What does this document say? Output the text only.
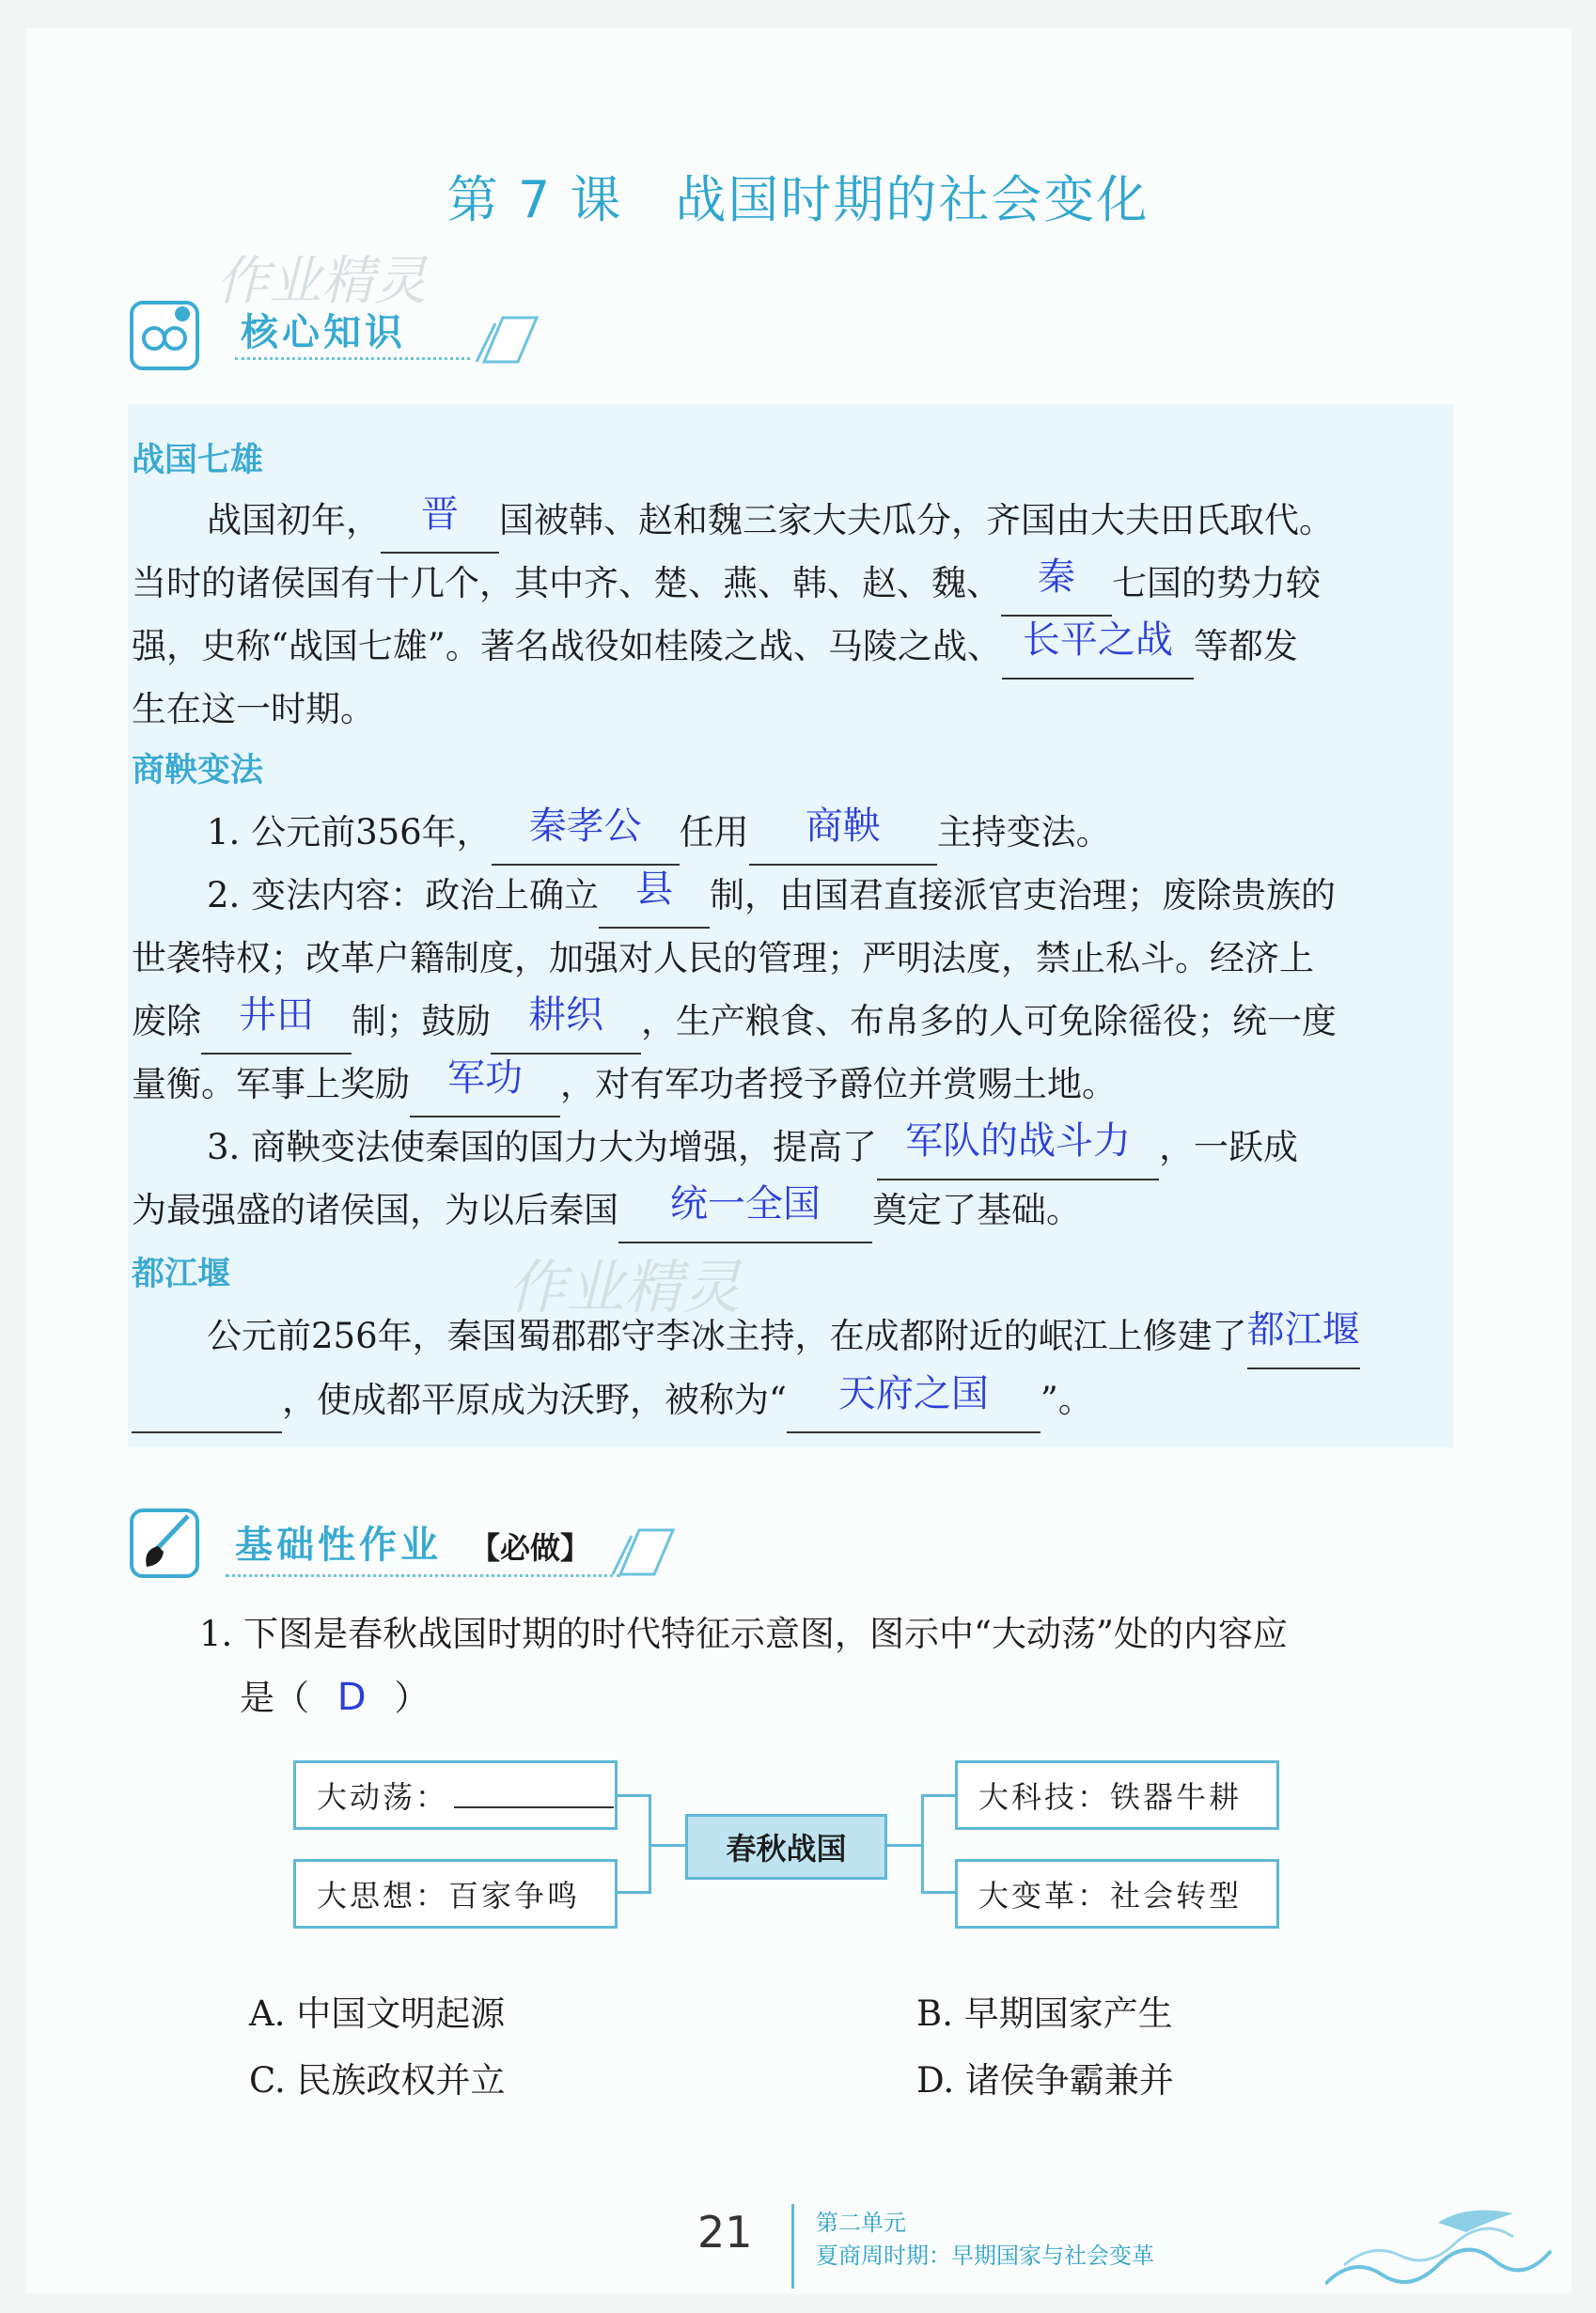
第 7 课　战国时期的社会变化
作业精灵
核心知识
战国七雄
战国初年，	晋	国被韩、赵和魏三家大夫瓜分，齐国由大夫田氏取代。
当时的诸侯国有十几个，其中齐、楚、燕、韩、赵、魏、 秦	七国的势力较
强，史称“战国七雄”。著名战役如桂陵之战、马陵之战、 长平之战 等都发
生在这一时期。
商鞅变法
1. 公元前356年，	秦孝公	任用	商鞅	主持变法。
2. 变法内容：政治上确立 县	制，由国君直接派官吏治理；废除贵族的
世袭特权；改革户籍制度，加强对人民的管理；严明法度，禁止私斗。经济上
废除	井田	制；鼓励	耕织	，生产粮食、布帛多的人可免除徭役；统一度
量衡。军事上奖励	军功	，对有军功者授予爵位并赏赐土地。
3. 商鞅变法使秦国的国力大为增强，提高了 军队的战斗力 ，一跃成
为最强盛的诸侯国，为以后秦国	统一全国	奠定了基础。
都江堰	作业精灵
公元前256年，秦国蜀郡郡守李冰主持，在成都附近的岷江上修建了 都江堰

，使成都平原成为沃野，被称为“	天府之国	”。
基础性作业 【必做】
1. 下图是春秋战国时期的时代特征示意图，图示中“大动荡”处的内容应
是（ D ）
大动荡：
大思想：百家争鸣
春秋战国
大科技：铁器牛耕
大变革：社会转型
A. 中国文明起源	B. 早期国家产生
C. 民族政权并立	D. 诸侯争霸兼并
21	第二单元
夏商周时期：早期国家与社会变革
